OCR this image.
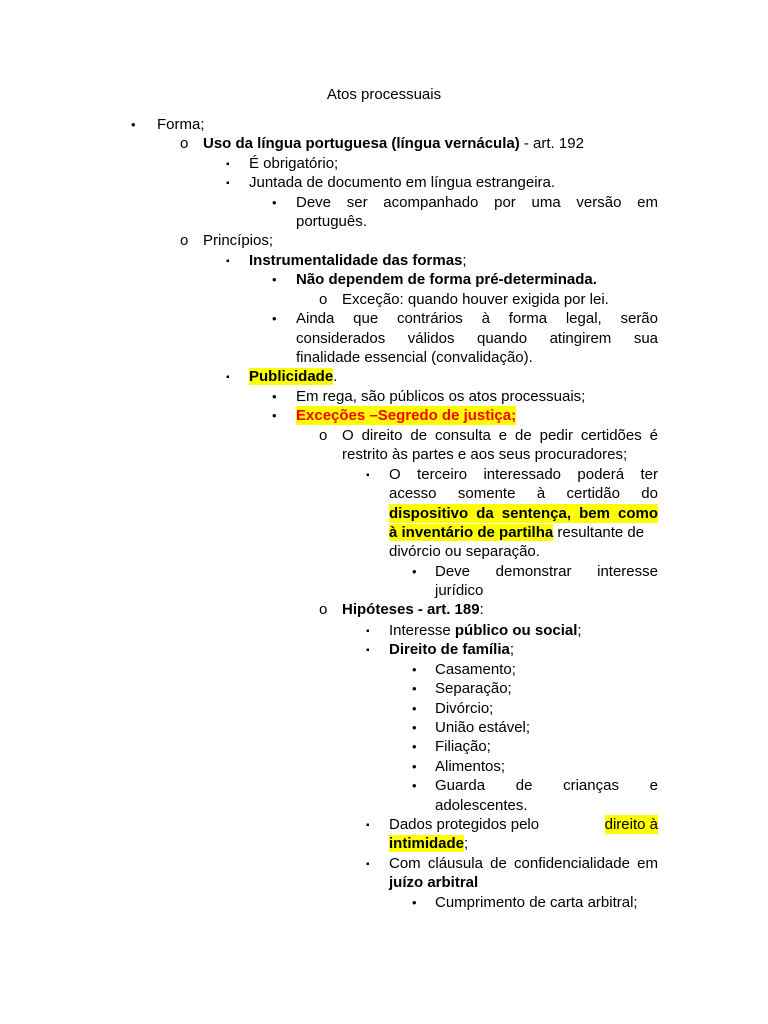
Atos processuais
• Forma;
o Uso da língua portuguesa (língua vernácula) - art. 192
▪ É obrigatório;
▪ Juntada de documento em língua estrangeira.
• Deve ser acompanhado por uma versão em
português.
o Princípios;
▪ Instrumentalidade das formas;
• Não dependem de forma pré-determinada.
o Exceção: quando houver exigida por lei.
• Ainda que contrários à forma legal, serão
considerados válidos quando atingirem sua
finalidade essencial (convalidação).
▪ Publicidade.
• Em rega, são públicos os atos processuais;
• Exceções –Segredo de justiça;
o O direito de consulta e de pedir certidões é
restrito às partes e aos seus procuradores;
▪ O terceiro interessado poderá ter
acesso somente à certidão do
dispositivo da sentença, bem como
à inventário de partilha resultante de
divórcio ou separação.
• Deve demonstrar interesse
jurídico
o Hipóteses - art. 189:
▪ Interesse público ou social;
▪ Direito de família;
• Casamento;
• Separação;
• Divórcio;
• União estável;
• Filiação;
• Alimentos;
• Guarda de crianças e
adolescentes.
▪ Dados protegidos pelo	direito à
intimidade;
▪ Com cláusula de confidencialidade em
juízo arbitral
• Cumprimento de carta arbitral;
